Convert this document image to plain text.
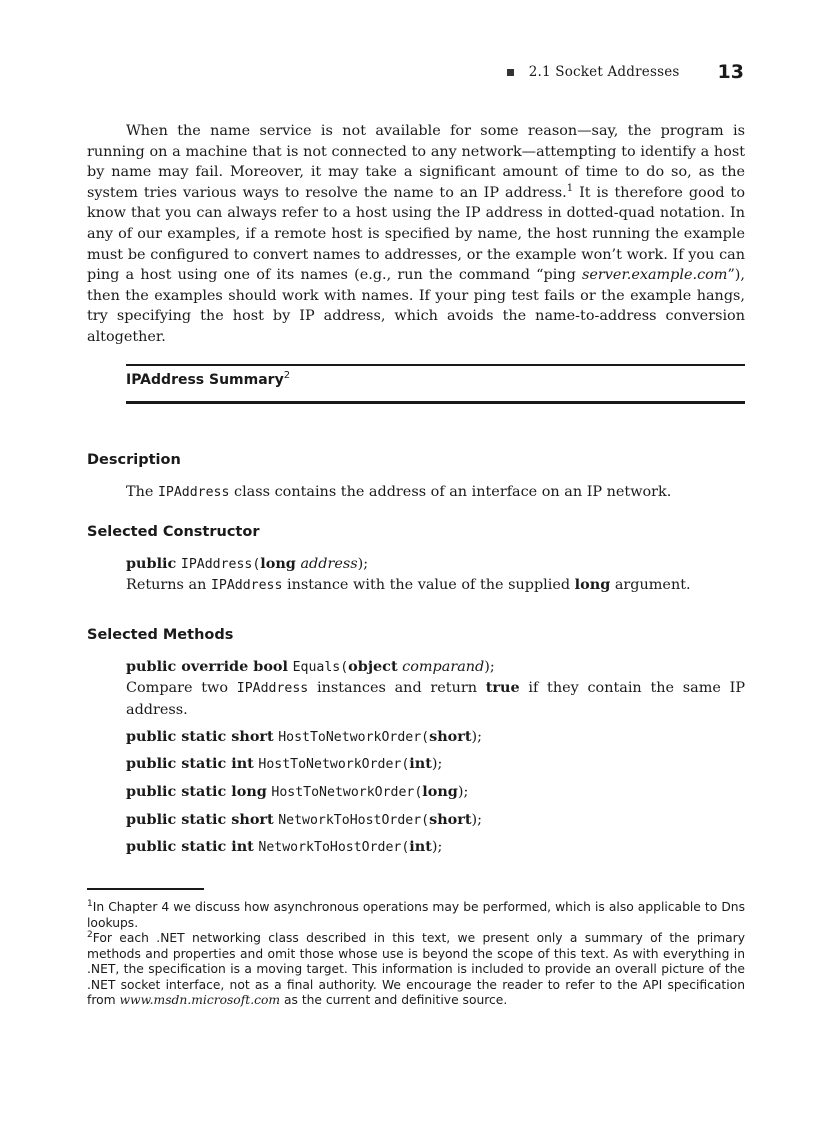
2.1 Socket Addresses 13

When the name service is not available for some reason—say, the program is running on a machine that is not connected to any network—attempting to identify a host by name may fail. Moreover, it may take a significant amount of time to do so, as the system tries various ways to resolve the name to an IP address.$^1$ It is therefore good to know that you can always refer to a host using the IP address in dotted-quad notation. In any of our examples, if a remote host is specified by name, the host running the example must be configured to convert names to addresses, or the example won’t work. If you can ping a host using one of its names (e.g., run the command “ping server.example.com”), then the examples should work with names. If your ping test fails or the example hangs, try specifying the host by IP address, which avoids the name-to-address conversion altogether.

IPAddress Summary$^2$
Description
The IPAddress class contains the address of an interface on an IP network.
Selected Constructor
public IPAddress(long address);
Returns an IPAddress instance with the value of the supplied long argument.
Selected Methods
public override bool Equals(object comparand);
Compare two IPAddress instances and return true if they contain the same IP address.
public static short HostToNetworkOrder(short);
public static int HostToNetworkOrder(int);
public static long HostToNetworkOrder(long);
public static short NetworkToHostOrder(short);
public static int NetworkToHostOrder(int);

$^1$In Chapter 4 we discuss how asynchronous operations may be performed, which is also applicable to Dns lookups.

$^2$For each .NET networking class described in this text, we present only a summary of the primary methods and properties and omit those whose use is beyond the scope of this text. As with everything in .NET, the specification is a moving target. This information is included to provide an overall picture of the .NET socket interface, not as a final authority. We encourage the reader to refer to the API specification from www.msdn.microsoft.com as the current and definitive source.
